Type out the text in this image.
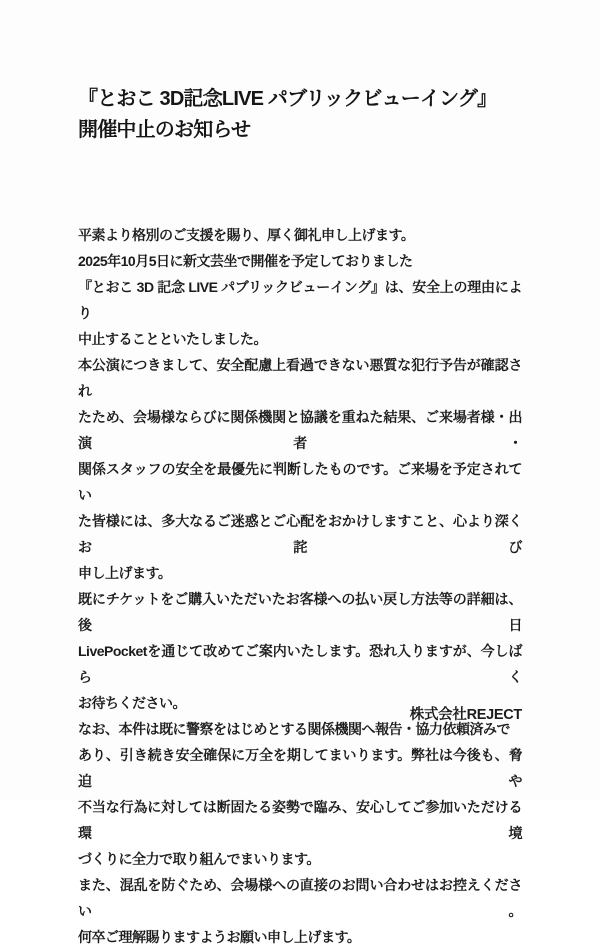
『とおこ 3D記念LIVE パブリックビューイング』
開催中止のお知らせ
平素より格別のご支援を賜り、厚く御礼申し上げます。
2025年10月5日に新文芸坐で開催を予定しておりました
『とおこ 3D 記念 LIVE パブリックビューイング』は、安全上の理由により
中止することといたしました。
本公演につきまして、安全配慮上看過できない悪質な犯行予告が確認され
たため、会場様ならびに関係機関と協議を重ねた結果、ご来場者様・出演者・
関係スタッフの安全を最優先に判断したものです。ご来場を予定されてい
た皆様には、多大なるご迷惑とご心配をおかけしますこと、心より深くお詫び
申し上げます。
既にチケットをご購入いただいたお客様への払い戻し方法等の詳細は、後日
LivePocketを通じて改めてご案内いたします。恐れ入りますが、今しばらく
お待ちください。
なお、本件は既に警察をはじめとする関係機関へ報告・協力依頼済みで
あり、引き続き安全確保に万全を期してまいります。弊社は今後も、脅迫や
不当な行為に対しては断固たる姿勢で臨み、安心してご参加いただける環境
づくりに全力で取り組んでまいります。
また、混乱を防ぐため、会場様への直接のお問い合わせはお控えください。
何卒ご理解賜りますようお願い申し上げます。
株式会社REJECT
